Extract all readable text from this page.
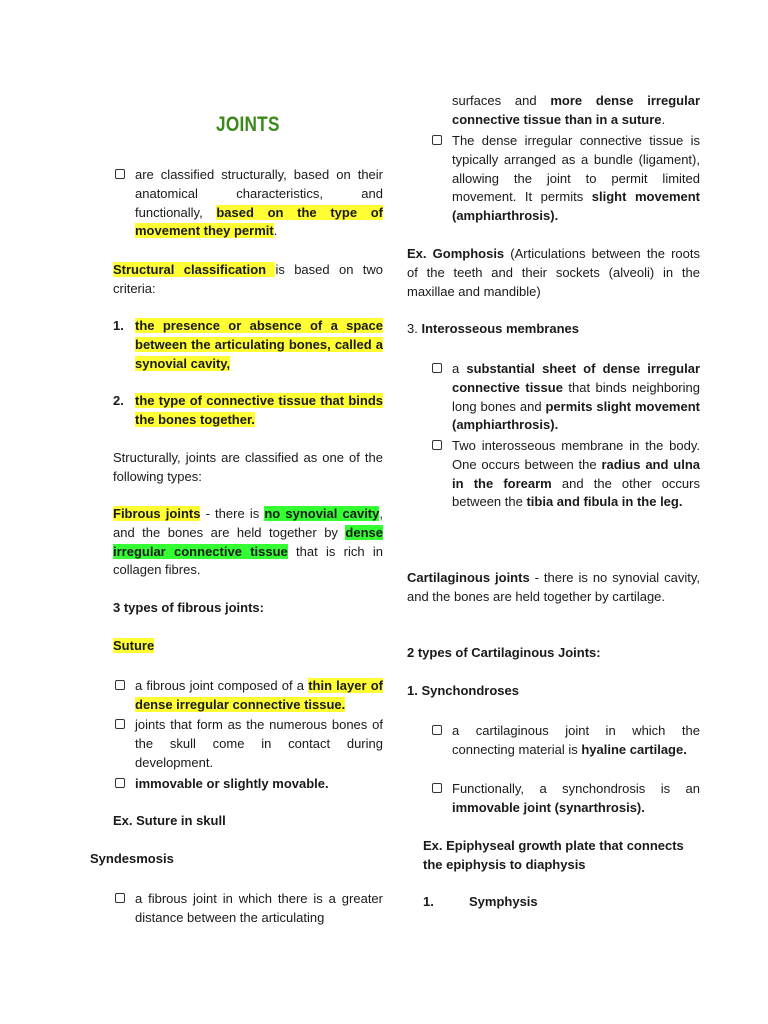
JOINTS

are classified structurally, based on their anatomical characteristics, and functionally, based on the type of movement they permit.

Structural classification is based on two criteria:

1. the presence or absence of a space between the articulating bones, called a synovial cavity,

2. the type of connective tissue that binds the bones together.

Structurally, joints are classified as one of the following types:

Fibrous joints - there is no synovial cavity, and the bones are held together by dense irregular connective tissue that is rich in collagen fibres.

3 types of fibrous joints:

Suture

a fibrous joint composed of a thin layer of dense irregular connective tissue.

joints that form as the numerous bones of the skull come in contact during development.

immovable or slightly movable.

Ex. Suture in skull

Syndesmosis

a fibrous joint in which there is a greater distance between the articulating

surfaces and more dense irregular connective tissue than in a suture.

The dense irregular connective tissue is typically arranged as a bundle (ligament), allowing the joint to permit limited movement. It permits slight movement (amphiarthrosis).

Ex. Gomphosis (Articulations between the roots of the teeth and their sockets (alveoli) in the maxillae and mandible)

3. Interosseous membranes

a substantial sheet of dense irregular connective tissue that binds neighboring long bones and permits slight movement (amphiarthrosis).

Two interosseous membrane in the body. One occurs between the radius and ulna in the forearm and the other occurs between the tibia and fibula in the leg.

Cartilaginous joints - there is no synovial cavity, and the bones are held together by cartilage.

2 types of Cartilaginous Joints:

1. Synchondroses

a cartilaginous joint in which the connecting material is hyaline cartilage.

Functionally, a synchondrosis is an immovable joint (synarthrosis).

Ex. Epiphyseal growth plate that connects the epiphysis to diaphysis

1.	Symphysis
